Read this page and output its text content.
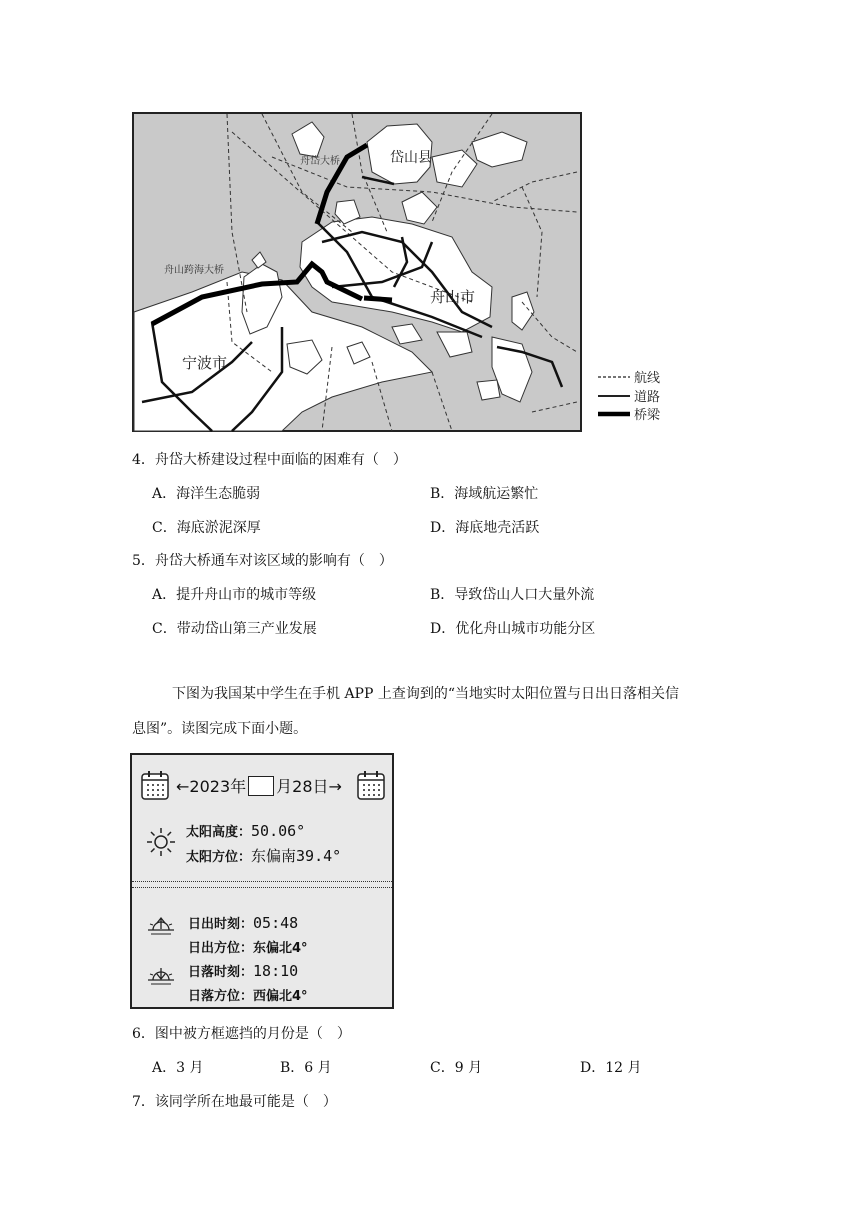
舟岱大桥	岱山县
舟山跨海大桥
舟山市
宁波市
航线
道路
桥梁
4．舟岱大桥建设过程中面临的困难有（　）
A．海洋生态脆弱	B．海域航运繁忙
C．海底淤泥深厚	D．海底地壳活跃
5．舟岱大桥通车对该区域的影响有（　）
A．提升舟山市的城市等级	B．导致岱山人口大量外流
C．带动岱山第三产业发展	D．优化舟山城市功能分区
下图为我国某中学生在手机 APP 上查询到的“当地实时太阳位置与日出日落相关信
息图”。读图完成下面小题。
←2023年 月28日→
太阳高度：50.06°
太阳方位：东偏南39.4°
日出时刻：05:48
日出方位：东偏北4°
日落时刻：18:10
日落方位：西偏北4°
6．图中被方框遮挡的月份是（　）
A．3 月	B．6 月	C．9 月	D．12 月
7．该同学所在地最可能是（　）
